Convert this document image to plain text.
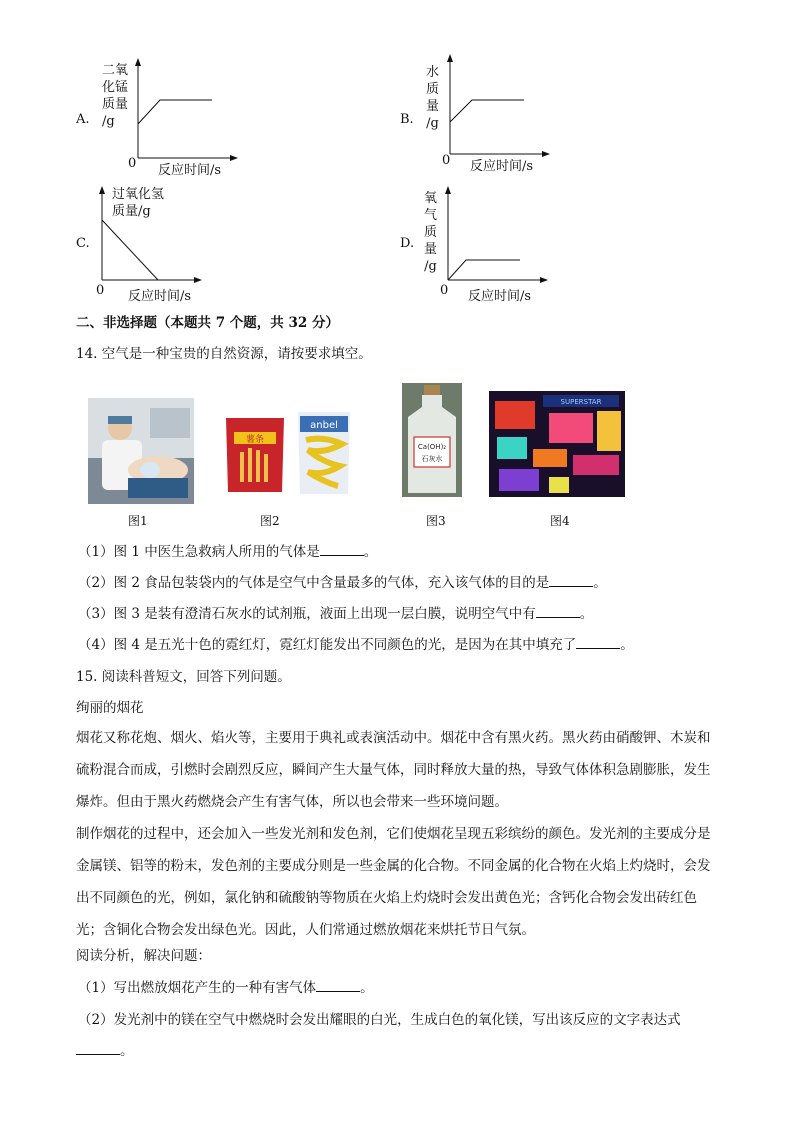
A.
二氧
化锰
质量
/g
0 反应时间/s
B.
水
质
量
/g
0 反应时间/s
C.
过氧化氢
质量/g
0 反应时间/s
D.
氧
气
质
量
/g
0 反应时间/s
二、非选择题（本题共 7 个题，共 32 分）
14. 空气是一种宝贵的自然资源，请按要求填空。
薯条
anbel
Ca(OH)₂
石灰水
SUPERSTAR
图1	图2	图3	图4
（1）图 1 中医生急救病人所用的气体是	。
（2）图 2 食品包装袋内的气体是空气中含量最多的气体，充入该气体的目的是	。
（3）图 3 是装有澄清石灰水的试剂瓶，液面上出现一层白膜，说明空气中有	。
（4）图 4 是五光十色的霓红灯，霓红灯能发出不同颜色的光，是因为在其中填充了	。
15. 阅读科普短文，回答下列问题。
绚丽的烟花
烟花又称花炮、烟火、焰火等，主要用于典礼或表演活动中。烟花中含有黑火药。黑火药由硝酸钾、木炭和硫粉混合而成，引燃时会剧烈反应，瞬间产生大量气体，同时释放大量的热，导致气体体积急剧膨胀，发生爆炸。但由于黑火药燃烧会产生有害气体，所以也会带来一些环境问题。
制作烟花的过程中，还会加入一些发光剂和发色剂，它们使烟花呈现五彩缤纷的颜色。发光剂的主要成分是金属镁、铝等的粉末，发色剂的主要成分则是一些金属的化合物。不同金属的化合物在火焰上灼烧时，会发出不同颜色的光，例如，氯化钠和硫酸钠等物质在火焰上灼烧时会发出黄色光；含钙化合物会发出砖红色光；含铜化合物会发出绿色光。因此，人们常通过燃放烟花来烘托节日气氛。
阅读分析，解决问题：
（1）写出燃放烟花产生的一种有害气体	。
（2）发光剂中的镁在空气中燃烧时会发出耀眼的白光，生成白色的氧化镁，写出该反应的文字表达式
。
